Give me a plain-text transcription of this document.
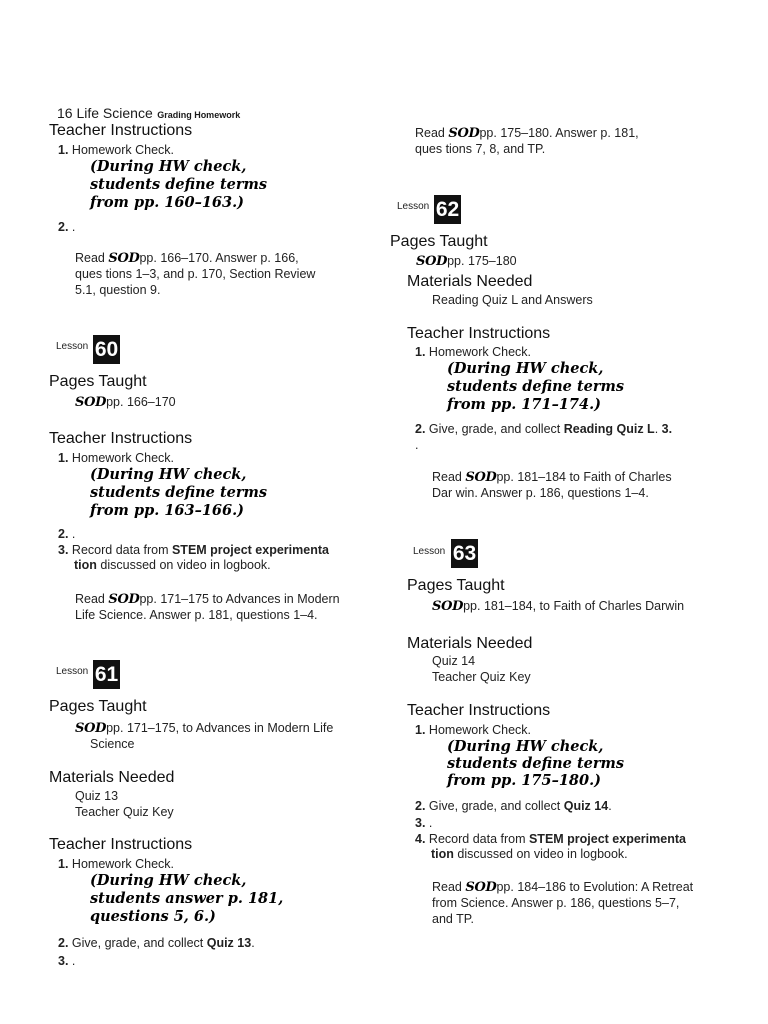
16 Life Science Grading Homework
Teacher Instructions
1. Homework Check.
(During HW check,
students define terms
from pp. 160–163.)
2. .
Read SODpp. 166–170. Answer p. 166,
ques tions 1–3, and p. 170, Section Review
5.1, question 9.
Lesson 60
Pages Taught
SODpp. 166–170
Teacher Instructions
1. Homework Check.
(During HW check,
students define terms
from pp. 163–166.)
2. .
3. Record data from STEM project experimenta
tion discussed on video in logbook.
Read SODpp. 171–175 to Advances in Modern
Life Science. Answer p. 181, questions 1–4.
Lesson 61
Pages Taught
SODpp. 171–175, to Advances in Modern Life
Science
Materials Needed
Quiz 13
Teacher Quiz Key
Teacher Instructions
1. Homework Check.
(During HW check,
students answer p. 181,
questions 5, 6.)
2. Give, grade, and collect Quiz 13.
3. .
Read SODpp. 175–180. Answer p. 181,
ques tions 7, 8, and TP.
Lesson 62
Pages Taught
SODpp. 175–180
Materials Needed
Reading Quiz L and Answers
Teacher Instructions
1. Homework Check.
(During HW check,
students define terms
from pp. 171–174.)
2. Give, grade, and collect Reading Quiz L. 3.
.
Read SODpp. 181–184 to Faith of Charles
Dar win. Answer p. 186, questions 1–4.
Lesson 63
Pages Taught
SODpp. 181–184, to Faith of Charles Darwin
Materials Needed
Quiz 14
Teacher Quiz Key
Teacher Instructions
1. Homework Check.
(During HW check,
students define terms
from pp. 175–180.)
2. Give, grade, and collect Quiz 14.
3. .
4. Record data from STEM project experimenta
tion discussed on video in logbook.
Read SODpp. 184–186 to Evolution: A Retreat
from Science. Answer p. 186, questions 5–7,
and TP.
